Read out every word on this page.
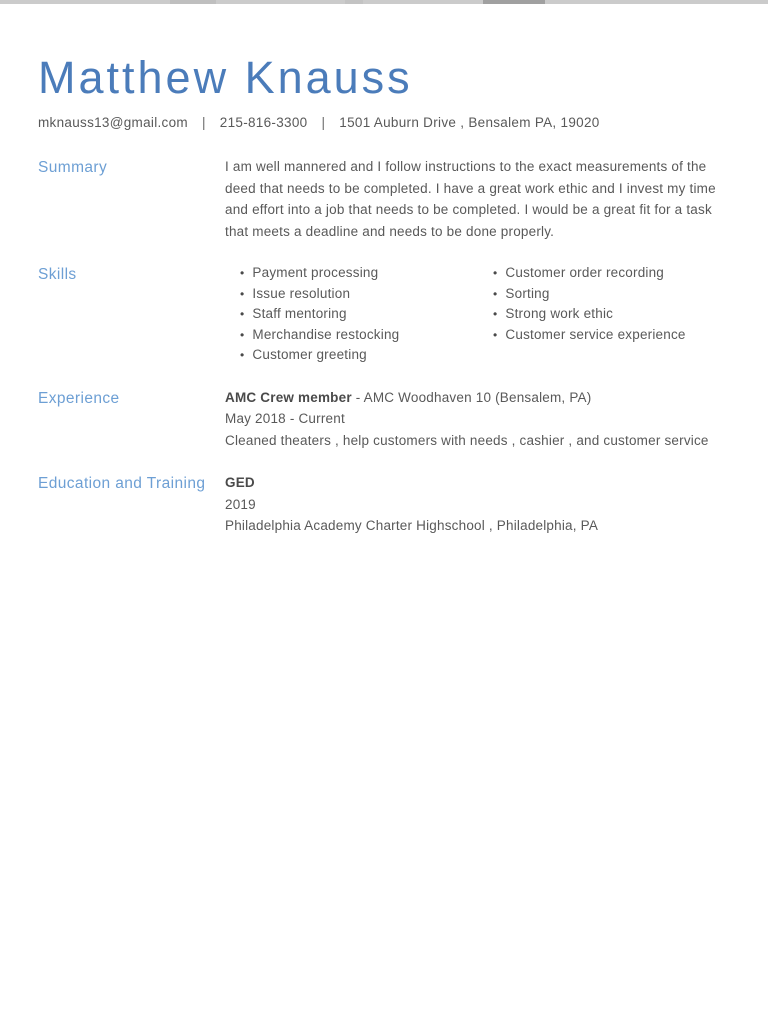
Matthew Knauss
mknauss13@gmail.com	|	215-816-3300	|	1501 Auburn Drive , Bensalem PA, 19020
Summary	I am well mannered and I follow instructions to the exact measurements of the deed that needs to be completed. I have a great work ethic and I invest my time and effort into a job that needs to be completed. I would be a great fit for a task that meets a deadline and needs to be done properly.
Skills	• Payment processing
• Issue resolution
• Staff mentoring
• Merchandise restocking
• Customer greeting
• Customer order recording
• Sorting
• Strong work ethic
• Customer service experience
Experience	AMC Crew member - AMC Woodhaven 10 (Bensalem, PA)
May 2018 - Current
Cleaned theaters , help customers with needs , cashier , and customer service
Education and Training	GED
2019
Philadelphia Academy Charter Highschool , Philadelphia, PA
